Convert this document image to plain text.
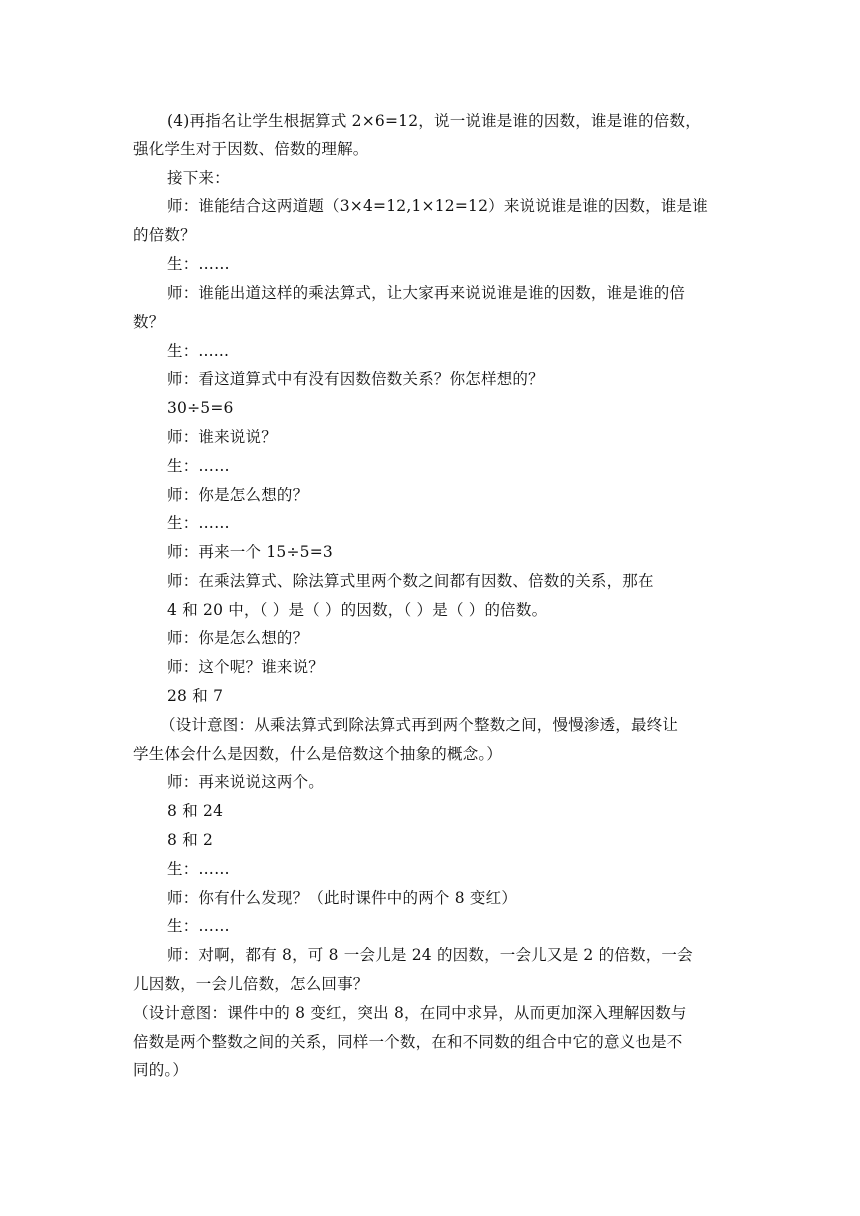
(4)再指名让学生根据算式 2×6=12，说一说谁是谁的因数，谁是谁的倍数，
强化学生对于因数、倍数的理解。
接下来：
师：谁能结合这两道题（3×4=12,1×12=12）来说说谁是谁的因数，谁是谁
的倍数？
生：……
师：谁能出道这样的乘法算式，让大家再来说说谁是谁的因数，谁是谁的倍
数？
生：......
师：看这道算式中有没有因数倍数关系？你怎样想的？
30÷5=6
师：谁来说说？
生：……
师：你是怎么想的？
生：……
师：再来一个 15÷5=3
师：在乘法算式、除法算式里两个数之间都有因数、倍数的关系，那在
4 和 20 中，（ ）是（ ）的因数，（ ）是（ ）的倍数。
师：你是怎么想的？
师：这个呢？谁来说？
28 和 7
（设计意图：从乘法算式到除法算式再到两个整数之间，慢慢渗透，最终让
学生体会什么是因数，什么是倍数这个抽象的概念。）
师：再来说说这两个。
8 和 24
8 和 2
生：……
师：你有什么发现？（此时课件中的两个 8 变红）
生：……
师：对啊，都有 8，可 8 一会儿是 24 的因数，一会儿又是 2 的倍数，一会
儿因数，一会儿倍数，怎么回事？
（设计意图：课件中的 8 变红，突出 8，在同中求异，从而更加深入理解因数与
倍数是两个整数之间的关系，同样一个数，在和不同数的组合中它的意义也是不
同的。）
